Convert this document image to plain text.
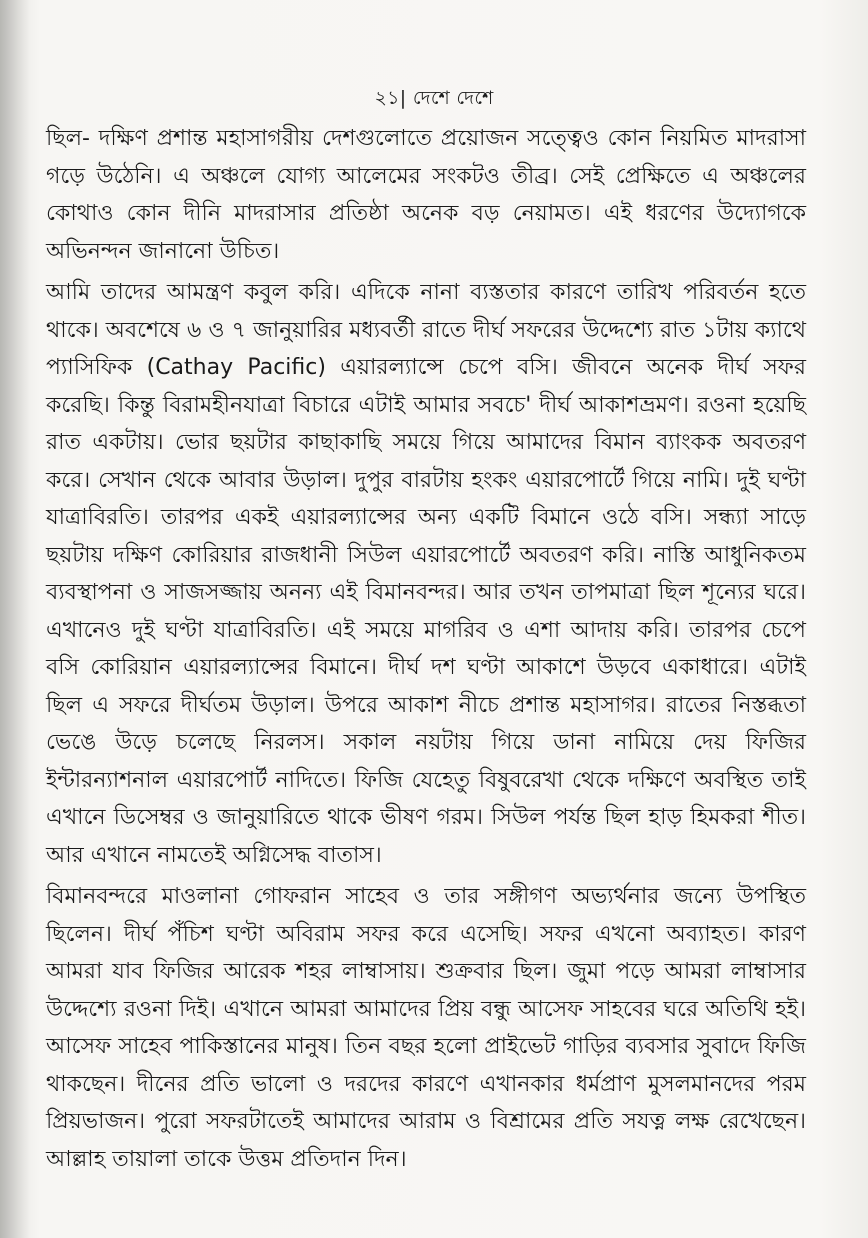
২১| দেশে দেশে

ছিল- দক্ষিণ প্রশান্ত মহাসাগরীয় দেশগুলোতে প্রয়োজন সত্ত্বেও কোন নিয়মিত মাদরাসা গড়ে উঠেনি। এ অঞ্চলে যোগ্য আলেমের সংকটও তীব্র। সেই প্রেক্ষিতে এ অঞ্চলের কোথাও কোন দীনি মাদরাসার প্রতিষ্ঠা অনেক বড় নেয়ামত। এই ধরণের উদ্যোগকে অভিনন্দন জানানো উচিত।

আমি তাদের আমন্ত্রণ কবুল করি। এদিকে নানা ব্যস্ততার কারণে তারিখ পরিবর্তন হতে থাকে। অবশেষে ৬ ও ৭ জানুয়ারির মধ্যবর্তী রাতে দীর্ঘ সফরের উদ্দেশ্যে রাত ১টায় ক্যাথে প্যাসিফিক (Cathay Pacific) এয়ারল্যান্সে চেপে বসি। জীবনে অনেক দীর্ঘ সফর করেছি। কিন্তু বিরামহীনযাত্রা বিচারে এটাই আমার সবচে' দীর্ঘ আকাশভ্রমণ। রওনা হয়েছি রাত একটায়। ভোর ছয়টার কাছাকাছি সময়ে গিয়ে আমাদের বিমান ব্যাংকক অবতরণ করে। সেখান থেকে আবার উড়াল। দুপুর বারটায় হংকং এয়ারপোর্টে গিয়ে নামি। দুই ঘণ্টা যাত্রাবিরতি। তারপর একই এয়ারল্যান্সের অন্য একটি বিমানে ওঠে বসি। সন্ধ্যা সাড়ে ছয়টায় দক্ষিণ কোরিয়ার রাজধানী সিউল এয়ারপোর্টে অবতরণ করি। নাস্তি আধুনিকতম ব্যবস্থাপনা ও সাজসজ্জায় অনন্য এই বিমানবন্দর। আর তখন তাপমাত্রা ছিল শূন্যের ঘরে। এখানেও দুই ঘণ্টা যাত্রাবিরতি। এই সময়ে মাগরিব ও এশা আদায় করি। তারপর চেপে বসি কোরিয়ান এয়ারল্যান্সের বিমানে। দীর্ঘ দশ ঘণ্টা আকাশে উড়বে একাধারে। এটাই ছিল এ সফরে দীর্ঘতম উড়াল। উপরে আকাশ নীচে প্রশান্ত মহাসাগর। রাতের নিস্তব্ধতা ভেঙে উড়ে চলেছে নিরলস। সকাল নয়টায় গিয়ে ডানা নামিয়ে দেয় ফিজির ইন্টারন্যাশনাল এয়ারপোর্ট নাদিতে। ফিজি যেহেতু বিষুবরেখা থেকে দক্ষিণে অবস্থিত তাই এখানে ডিসেম্বর ও জানুয়ারিতে থাকে ভীষণ গরম। সিউল পর্যন্ত ছিল হাড় হিমকরা শীত। আর এখানে নামতেই অগ্নিসেদ্ধ বাতাস।

বিমানবন্দরে মাওলানা গোফরান সাহেব ও তার সঙ্গীগণ অভ্যর্থনার জন্যে উপস্থিত ছিলেন। দীর্ঘ পঁচিশ ঘণ্টা অবিরাম সফর করে এসেছি। সফর এখনো অব্যাহত। কারণ আমরা যাব ফিজির আরেক শহর লাম্বাসায়। শুক্রবার ছিল। জুমা পড়ে আমরা লাম্বাসার উদ্দেশ্যে রওনা দিই। এখানে আমরা আমাদের প্রিয় বন্ধু আসেফ সাহবের ঘরে অতিথি হই। আসেফ সাহেব পাকিস্তানের মানুষ। তিন বছর হলো প্রাইভেট গাড়ির ব্যবসার সুবাদে ফিজি থাকছেন। দীনের প্রতি ভালো ও দরদের কারণে এখানকার ধর্মপ্রাণ মুসলমানদের পরম প্রিয়ভাজন। পুরো সফরটাতেই আমাদের আরাম ও বিশ্রামের প্রতি সযত্ন লক্ষ রেখেছেন। আল্লাহ তায়ালা তাকে উত্তম প্রতিদান দিন।
